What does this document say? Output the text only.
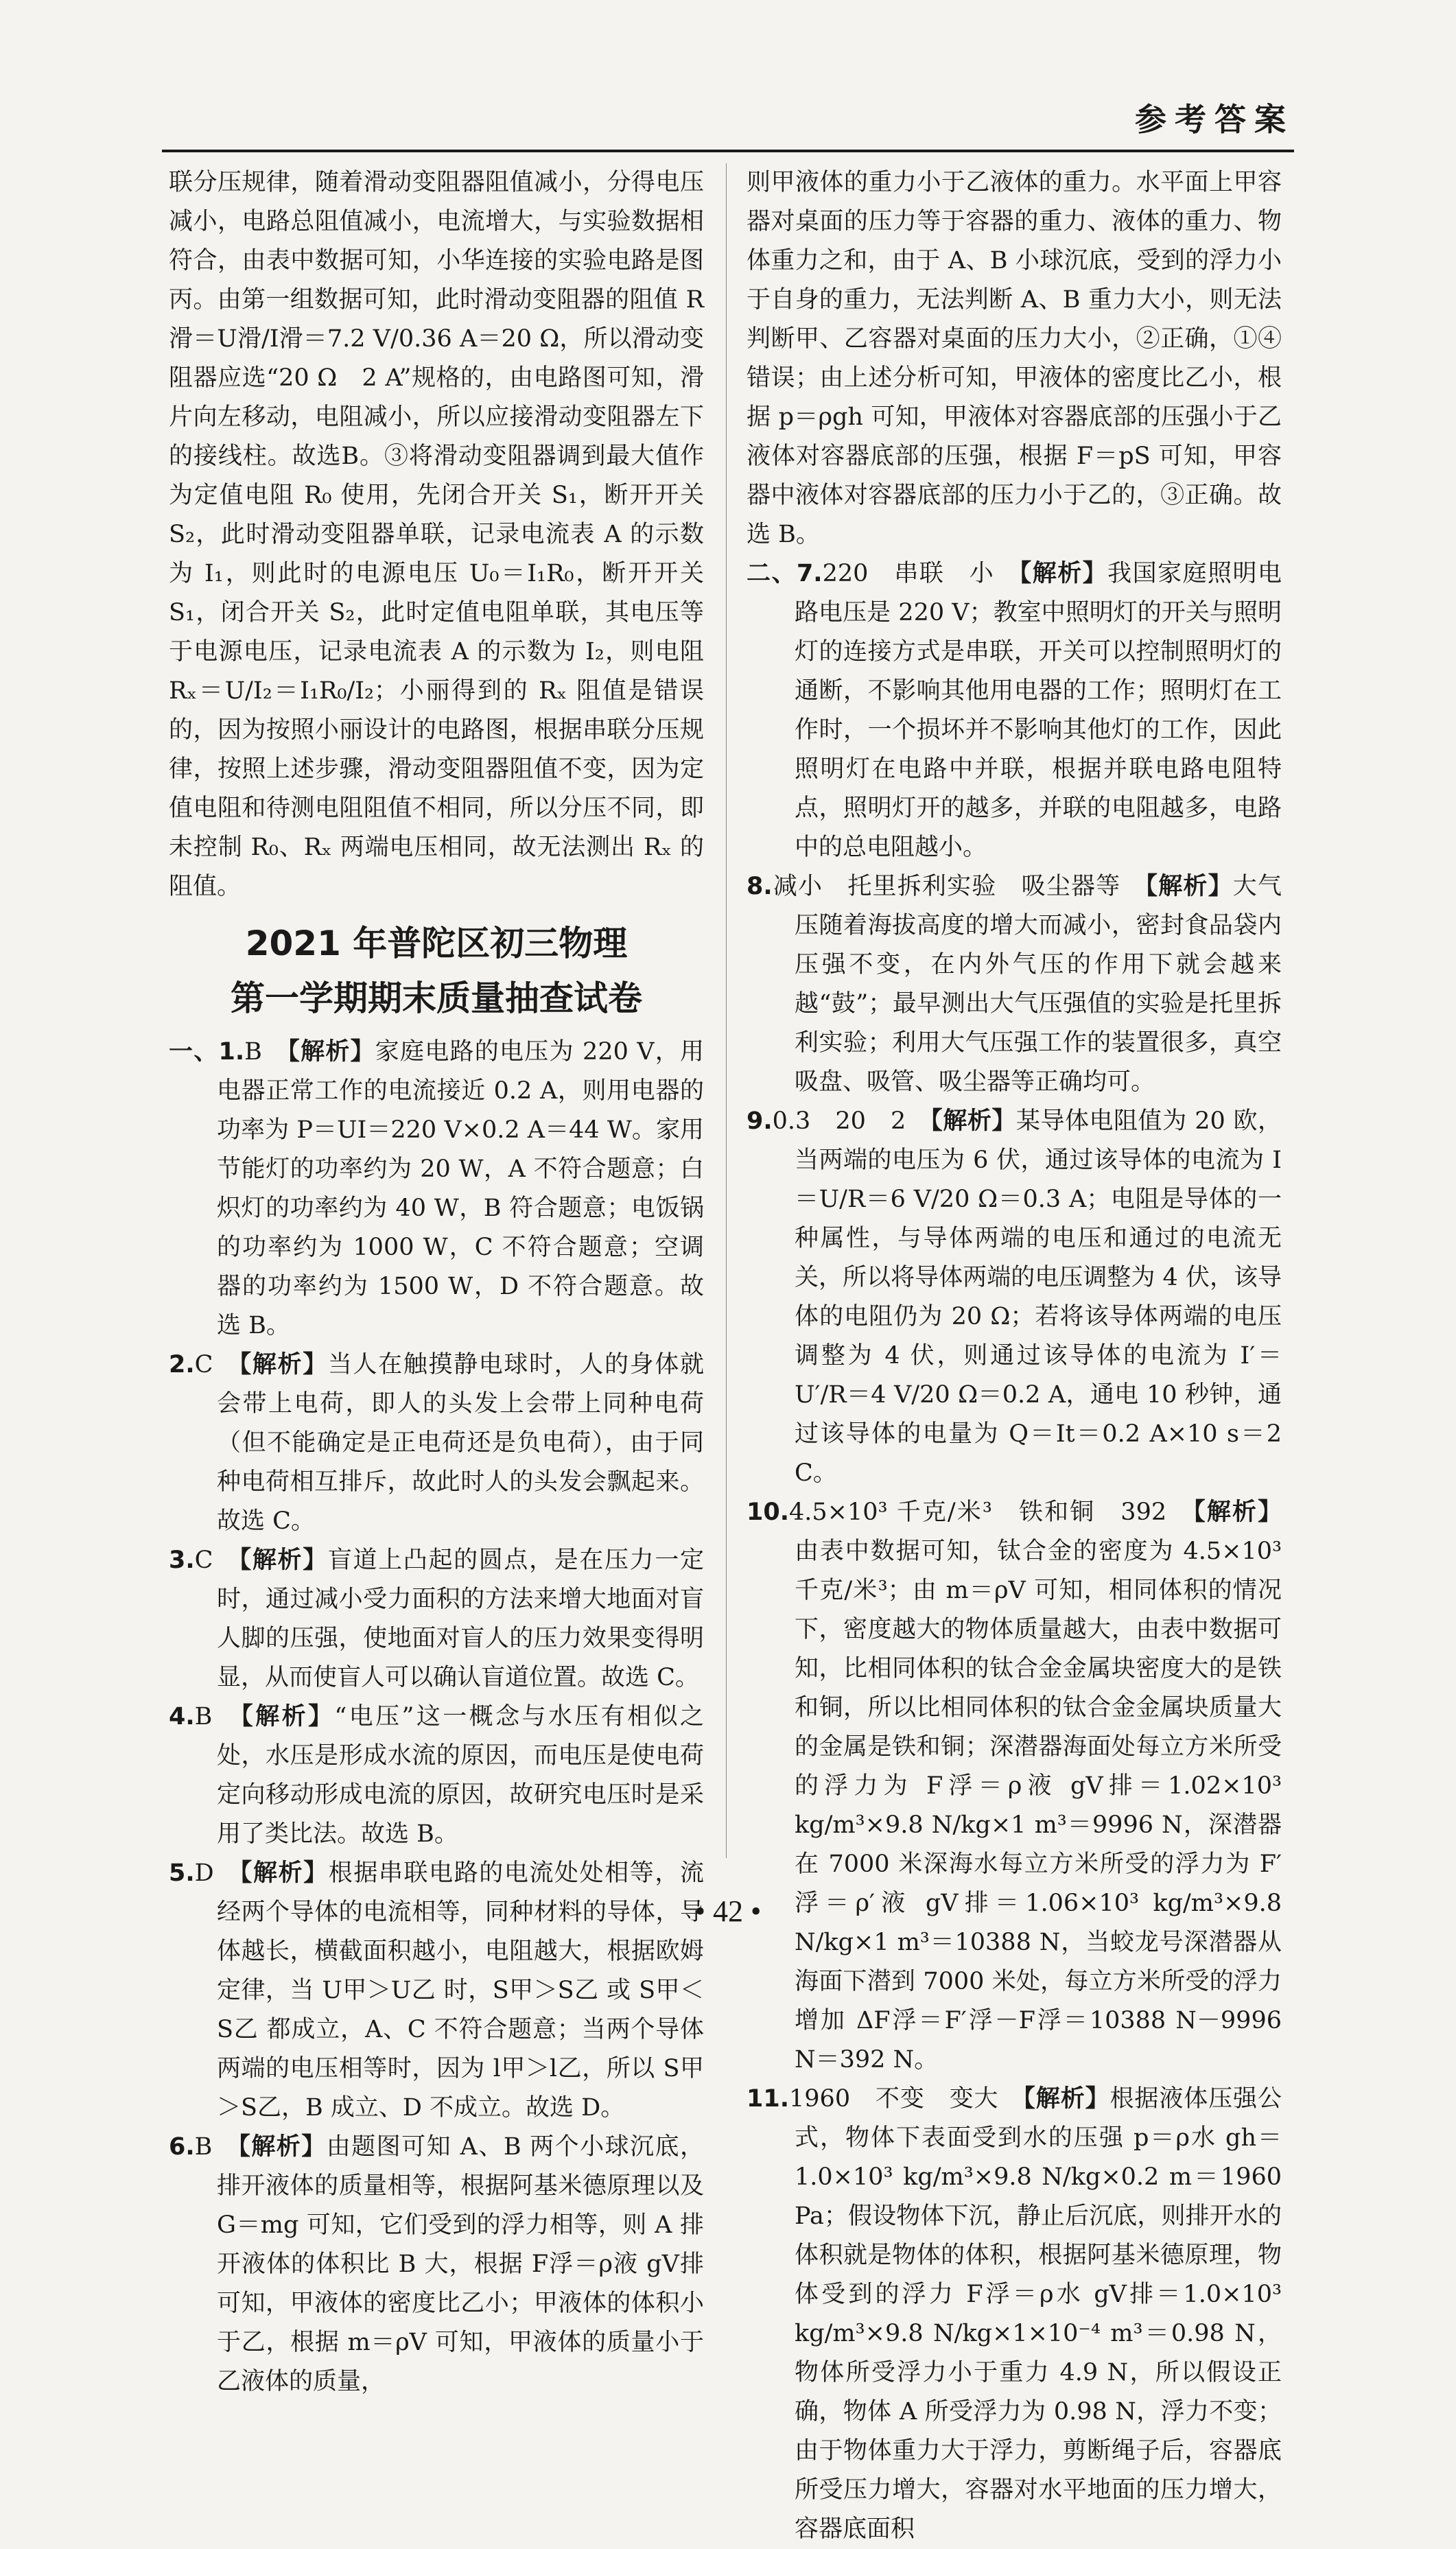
参考答案

联分压规律，随着滑动变阻器阻值减小，分得电压减小，电路总阻值减小，电流增大，与实验数据相符合，由表中数据可知，小华连接的实验电路是图丙。由第一组数据可知，此时滑动变阻器的阻值 R滑＝U滑/I滑＝7.2 V/0.36 A＝20 Ω，所以滑动变阻器应选“20 Ω　2 A”规格的，由电路图可知，滑片向左移动，电阻减小，所以应接滑动变阻器左下的接线柱。故选B。③将滑动变阻器调到最大值作为定值电阻 R₀ 使用，先闭合开关 S₁，断开开关 S₂，此时滑动变阻器单联，记录电流表 A 的示数为 I₁，则此时的电源电压 U₀＝I₁R₀，断开开关 S₁，闭合开关 S₂，此时定值电阻单联，其电压等于电源电压，记录电流表 A 的示数为 I₂，则电阻 Rₓ＝U/I₂＝I₁R₀/I₂；小丽得到的 Rₓ 阻值是错误的，因为按照小丽设计的电路图，根据串联分压规律，按照上述步骤，滑动变阻器阻值不变，因为定值电阻和待测电阻阻值不相同，所以分压不同，即未控制 R₀、Rₓ 两端电压相同，故无法测出 Rₓ 的阻值。

2021 年普陀区初三物理
第一学期期末质量抽查试卷

一、1.B　 【解析】家庭电路的电压为 220 V，用电器正常工作的电流接近 0.2 A，则用电器的功率为 P＝UI＝220 V×0.2 A＝44 W。家用节能灯的功率约为 20 W，A 不符合题意；白炽灯的功率约为 40 W，B 符合题意；电饭锅的功率约为 1000 W，C 不符合题意；空调器的功率约为 1500 W，D 不符合题意。故选 B。

2.C　 【解析】当人在触摸静电球时，人的身体就会带上电荷，即人的头发上会带上同种电荷（但不能确定是正电荷还是负电荷），由于同种电荷相互排斥，故此时人的头发会飘起来。故选 C。

3.C　 【解析】盲道上凸起的圆点，是在压力一定时，通过减小受力面积的方法来增大地面对盲人脚的压强，使地面对盲人的压力效果变得明显，从而使盲人可以确认盲道位置。故选 C。

4.B　 【解析】“电压”这一概念与水压有相似之处，水压是形成水流的原因，而电压是使电荷定向移动形成电流的原因，故研究电压时是采用了类比法。故选 B。

5.D　 【解析】根据串联电路的电流处处相等，流经两个导体的电流相等，同种材料的导体，导体越长，横截面积越小，电阻越大，根据欧姆定律，当 U甲＞U乙 时，S甲＞S乙 或 S甲＜S乙 都成立，A、C 不符合题意；当两个导体两端的电压相等时，因为 l甲＞l乙，所以 S甲＞S乙，B 成立、D 不成立。故选 D。

6.B　 【解析】由题图可知 A、B 两个小球沉底，排开液体的质量相等，根据阿基米德原理以及 G＝mg 可知，它们受到的浮力相等，则 A 排开液体的体积比 B 大，根据 F浮＝ρ液 gV排 可知，甲液体的密度比乙小；甲液体的体积小于乙，根据 m＝ρV 可知，甲液体的质量小于乙液体的质量，

则甲液体的重力小于乙液体的重力。水平面上甲容器对桌面的压力等于容器的重力、液体的重力、物体重力之和，由于 A、B 小球沉底，受到的浮力小于自身的重力，无法判断 A、B 重力大小，则无法判断甲、乙容器对桌面的压力大小，②正确，①④错误；由上述分析可知，甲液体的密度比乙小，根据 p＝ρgh 可知，甲液体对容器底部的压强小于乙液体对容器底部的压强，根据 F＝pS 可知，甲容器中液体对容器底部的压力小于乙的，③正确。故选 B。

二、7.220　串联　小　 【解析】我国家庭照明电路电压是 220 V；教室中照明灯的开关与照明灯的连接方式是串联，开关可以控制照明灯的通断，不影响其他用电器的工作；照明灯在工作时，一个损坏并不影响其他灯的工作，因此照明灯在电路中并联，根据并联电路电阻特点，照明灯开的越多，并联的电阻越多，电路中的总电阻越小。

8.减小　托里拆利实验　吸尘器等　 【解析】大气压随着海拔高度的增大而减小，密封食品袋内压强不变，在内外气压的作用下就会越来越“鼓”；最早测出大气压强值的实验是托里拆利实验；利用大气压强工作的装置很多，真空吸盘、吸管、吸尘器等正确均可。

9.0.3　20　2　 【解析】某导体电阻值为 20 欧，当两端的电压为 6 伏，通过该导体的电流为 I＝U/R＝6 V/20 Ω＝0.3 A；电阻是导体的一种属性，与导体两端的电压和通过的电流无关，所以将导体两端的电压调整为 4 伏，该导体的电阻仍为 20 Ω；若将该导体两端的电压调整为 4 伏，则通过该导体的电流为 I′＝U′/R＝4 V/20 Ω＝0.2 A，通电 10 秒钟，通过该导体的电量为 Q＝It＝0.2 A×10 s＝2 C。

10.4.5×10³ 千克/米³　铁和铜　392　 【解析】由表中数据可知，钛合金的密度为 4.5×10³ 千克/米³；由 m＝ρV 可知，相同体积的情况下，密度越大的物体质量越大，由表中数据可知，比相同体积的钛合金金属块密度大的是铁和铜，所以比相同体积的钛合金金属块质量大的金属是铁和铜；深潜器海面处每立方米所受的浮力为 F浮＝ρ液 gV排＝1.02×10³ kg/m³×9.8 N/kg×1 m³＝9996 N，深潜器在 7000 米深海水每立方米所受的浮力为 F′浮＝ρ′液 gV排＝1.06×10³ kg/m³×9.8 N/kg×1 m³＝10388 N，当蛟龙号深潜器从海面下潜到 7000 米处，每立方米所受的浮力增加 ΔF浮＝F′浮－F浮＝10388 N－9996 N＝392 N。

11.1960　不变　变大　 【解析】根据液体压强公式，物体下表面受到水的压强 p＝ρ水 gh＝1.0×10³ kg/m³×9.8 N/kg×0.2 m＝1960 Pa；假设物体下沉，静止后沉底，则排开水的体积就是物体的体积，根据阿基米德原理，物体受到的浮力 F浮＝ρ水 gV排＝1.0×10³ kg/m³×9.8 N/kg×1×10⁻⁴ m³＝0.98 N，物体所受浮力小于重力 4.9 N，所以假设正确，物体 A 所受浮力为 0.98 N，浮力不变；由于物体重力大于浮力，剪断绳子后，容器底所受压力增大，容器对水平地面的压力增大，容器底面积

• 42 •
